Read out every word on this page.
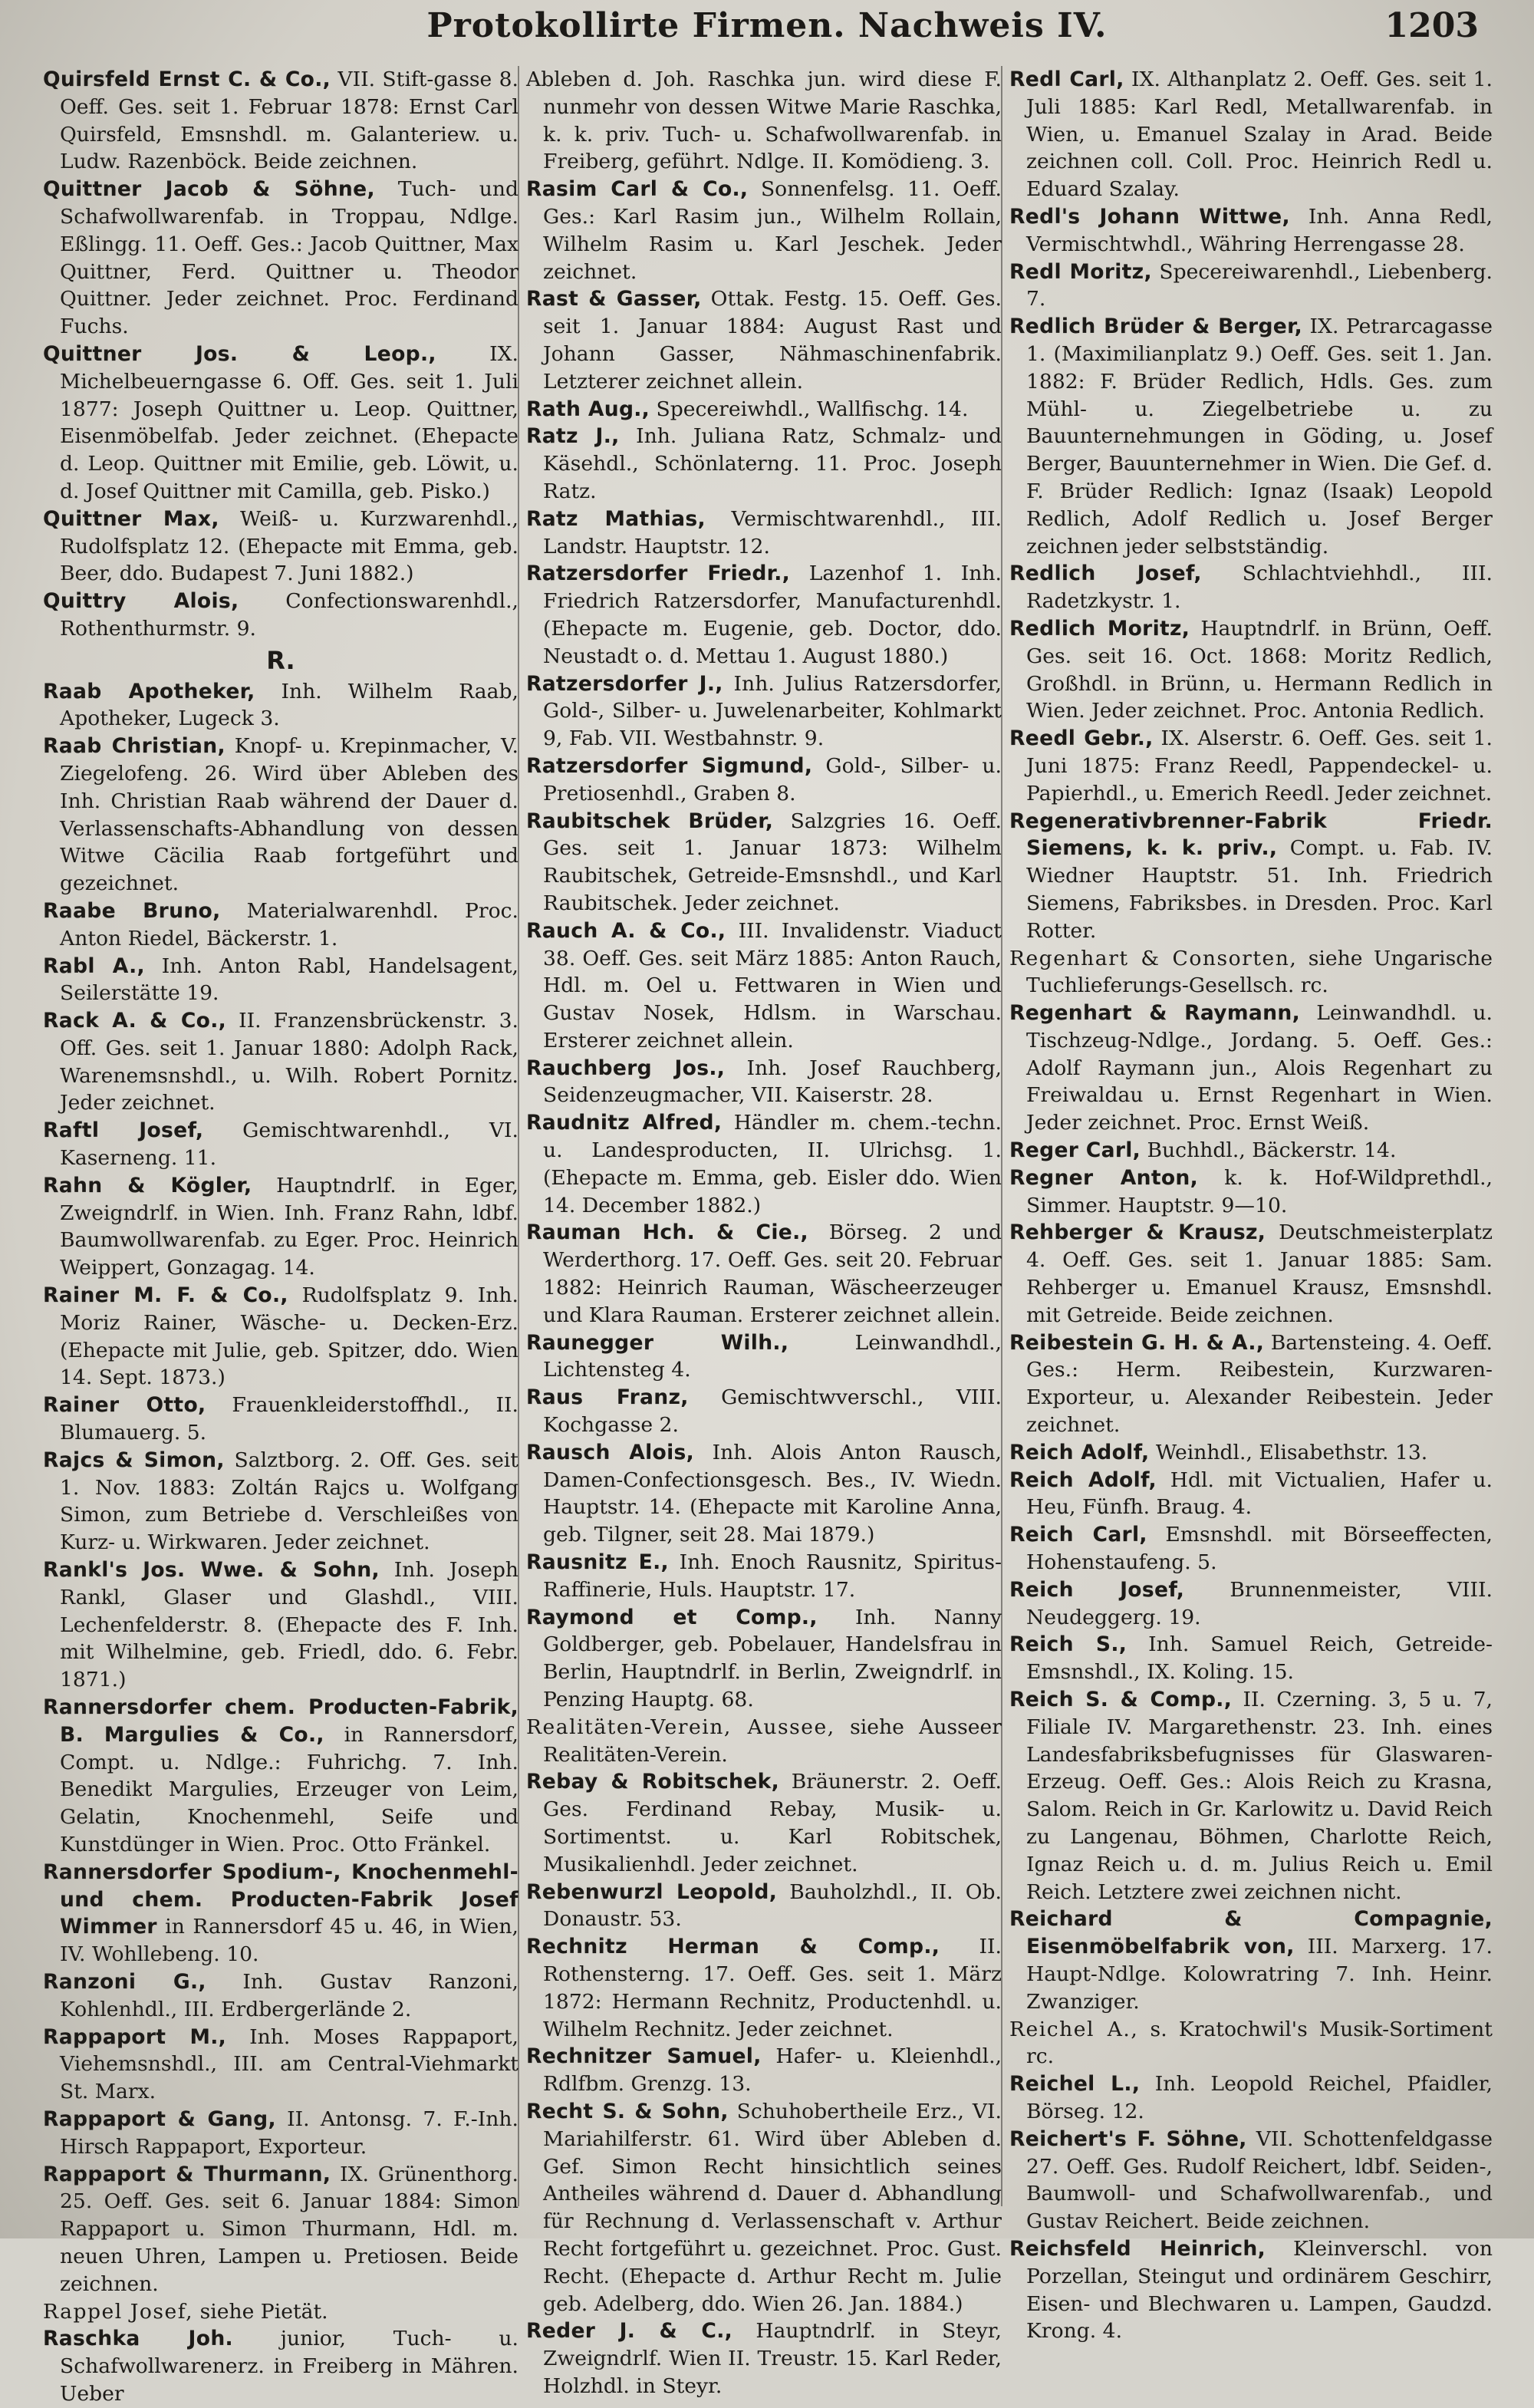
Protokollirte Firmen. Nachweis IV.	1203

Quirsfeld Ernst C. & Co., VII. Stift-gasse 8. Oeff. Ges. seit 1. Februar 1878: Ernst Carl Quirsfeld, Emsnshdl. m. Galanteriew. u. Ludw. Razenböck. Beide zeichnen.

Quittner Jacob & Söhne, Tuch- und Schafwollwarenfab. in Troppau, Ndlge. Eßlingg. 11. Oeff. Ges.: Jacob Quittner, Max Quittner, Ferd. Quittner u. Theodor Quittner. Jeder zeichnet. Proc. Ferdinand Fuchs.

Quittner Jos. & Leop., IX. Michelbeuerngasse 6. Off. Ges. seit 1. Juli 1877: Joseph Quittner u. Leop. Quittner, Eisenmöbelfab. Jeder zeichnet. (Ehepacte d. Leop. Quittner mit Emilie, geb. Löwit, u. d. Josef Quittner mit Camilla, geb. Pisko.)

Quittner Max, Weiß- u. Kurzwarenhdl., Rudolfsplatz 12. (Ehepacte mit Emma, geb. Beer, ddo. Budapest 7. Juni 1882.)

Quittry Alois, Confectionswarenhdl., Rothenthurmstr. 9.

R.

Raab Apotheker, Inh. Wilhelm Raab, Apotheker, Lugeck 3.

Raab Christian, Knopf- u. Krepinmacher, V. Ziegelofeng. 26. Wird über Ableben des Inh. Christian Raab während der Dauer d. Verlassenschafts-Abhandlung von dessen Witwe Cäcilia Raab fortgeführt und gezeichnet.

Raabe Bruno, Materialwarenhdl. Proc. Anton Riedel, Bäckerstr. 1.

Rabl A., Inh. Anton Rabl, Handelsagent, Seilerstätte 19.

Rack A. & Co., II. Franzensbrückenstr. 3. Off. Ges. seit 1. Januar 1880: Adolph Rack, Warenemsnshdl., u. Wilh. Robert Pornitz. Jeder zeichnet.

Raftl Josef, Gemischtwarenhdl., VI. Kaserneng. 11.

Rahn & Kögler, Hauptndrlf. in Eger, Zweigndrlf. in Wien. Inh. Franz Rahn, ldbf. Baumwollwarenfab. zu Eger. Proc. Heinrich Weippert, Gonzagag. 14.

Rainer M. F. & Co., Rudolfsplatz 9. Inh. Moriz Rainer, Wäsche- u. Decken-Erz. (Ehepacte mit Julie, geb. Spitzer, ddo. Wien 14. Sept. 1873.)

Rainer Otto, Frauenkleiderstoffhdl., II. Blumauerg. 5.

Rajcs & Simon, Salztborg. 2. Off. Ges. seit 1. Nov. 1883: Zoltán Rajcs u. Wolfgang Simon, zum Betriebe d. Verschleißes von Kurz- u. Wirkwaren. Jeder zeichnet.

Rankl's Jos. Wwe. & Sohn, Inh. Joseph Rankl, Glaser und Glashdl., VIII. Lechenfelderstr. 8. (Ehepacte des F. Inh. mit Wilhelmine, geb. Friedl, ddo. 6. Febr. 1871.)

Rannersdorfer chem. Producten-Fabrik, B. Margulies & Co., in Rannersdorf, Compt. u. Ndlge.: Fuhrichg. 7. Inh. Benedikt Margulies, Erzeuger von Leim, Gelatin, Knochenmehl, Seife und Kunstdünger in Wien. Proc. Otto Fränkel.

Rannersdorfer Spodium-, Knochenmehl- und chem. Producten-Fabrik Josef Wimmer in Rannersdorf 45 u. 46, in Wien, IV. Wohllebeng. 10.

Ranzoni G., Inh. Gustav Ranzoni, Kohlenhdl., III. Erdbergerlände 2.

Rappaport M., Inh. Moses Rappaport, Viehemsnshdl., III. am Central-Viehmarkt St. Marx.

Rappaport & Gang, II. Antonsg. 7. F.-Inh. Hirsch Rappaport, Exporteur.

Rappaport & Thurmann, IX. Grünenthorg. 25. Oeff. Ges. seit 6. Januar 1884: Simon Rappaport u. Simon Thurmann, Hdl. m. neuen Uhren, Lampen u. Pretiosen. Beide zeichnen.

Rappel Josef, siehe Pietät.

Raschka Joh. junior, Tuch- u. Schafwollwarenerz. in Freiberg in Mähren. Ueber

Ableben d. Joh. Raschka jun. wird diese F. nunmehr von dessen Witwe Marie Raschka, k. k. priv. Tuch- u. Schafwollwarenfab. in Freiberg, geführt. Ndlge. II. Komödieng. 3.

Rasim Carl & Co., Sonnenfelsg. 11. Oeff. Ges.: Karl Rasim jun., Wilhelm Rollain, Wilhelm Rasim u. Karl Jeschek. Jeder zeichnet.

Rast & Gasser, Ottak. Festg. 15. Oeff. Ges. seit 1. Januar 1884: August Rast und Johann Gasser, Nähmaschinenfabrik. Letzterer zeichnet allein.

Rath Aug., Specereiwhdl., Wallfischg. 14.

Ratz J., Inh. Juliana Ratz, Schmalz- und Käsehdl., Schönlaterng. 11. Proc. Joseph Ratz.

Ratz Mathias, Vermischtwarenhdl., III. Landstr. Hauptstr. 12.

Ratzersdorfer Friedr., Lazenhof 1. Inh. Friedrich Ratzersdorfer, Manufacturenhdl. (Ehepacte m. Eugenie, geb. Doctor, ddo. Neustadt o. d. Mettau 1. August 1880.)

Ratzersdorfer J., Inh. Julius Ratzersdorfer, Gold-, Silber- u. Juwelenarbeiter, Kohlmarkt 9, Fab. VII. Westbahnstr. 9.

Ratzersdorfer Sigmund, Gold-, Silber- u. Pretiosenhdl., Graben 8.

Raubitschek Brüder, Salzgries 16. Oeff. Ges. seit 1. Januar 1873: Wilhelm Raubitschek, Getreide-Emsnshdl., und Karl Raubitschek. Jeder zeichnet.

Rauch A. & Co., III. Invalidenstr. Viaduct 38. Oeff. Ges. seit März 1885: Anton Rauch, Hdl. m. Oel u. Fettwaren in Wien und Gustav Nosek, Hdlsm. in Warschau. Ersterer zeichnet allein.

Rauchberg Jos., Inh. Josef Rauchberg, Seidenzeugmacher, VII. Kaiserstr. 28.

Raudnitz Alfred, Händler m. chem.-techn. u. Landesproducten, II. Ulrichsg. 1. (Ehepacte m. Emma, geb. Eisler ddo. Wien 14. December 1882.)

Rauman Hch. & Cie., Börseg. 2 und Werderthorg. 17. Oeff. Ges. seit 20. Februar 1882: Heinrich Rauman, Wäscheerzeuger und Klara Rauman. Ersterer zeichnet allein.

Raunegger Wilh., Leinwandhdl., Lichtensteg 4.

Raus Franz, Gemischtwverschl., VIII. Kochgasse 2.

Rausch Alois, Inh. Alois Anton Rausch, Damen-Confectionsgesch. Bes., IV. Wiedn. Hauptstr. 14. (Ehepacte mit Karoline Anna, geb. Tilgner, seit 28. Mai 1879.)

Rausnitz E., Inh. Enoch Rausnitz, Spiritus-Raffinerie, Huls. Hauptstr. 17.

Raymond et Comp., Inh. Nanny Goldberger, geb. Pobelauer, Handelsfrau in Berlin, Hauptndrlf. in Berlin, Zweigndrlf. in Penzing Hauptg. 68.

Realitäten-Verein, Aussee, siehe Ausseer Realitäten-Verein.

Rebay & Robitschek, Bräunerstr. 2. Oeff. Ges. Ferdinand Rebay, Musik- u. Sortimentst. u. Karl Robitschek, Musikalienhdl. Jeder zeichnet.

Rebenwurzl Leopold, Bauholzhdl., II. Ob. Donaustr. 53.

Rechnitz Herman & Comp., II. Rothensterng. 17. Oeff. Ges. seit 1. März 1872: Hermann Rechnitz, Productenhdl. u. Wilhelm Rechnitz. Jeder zeichnet.

Rechnitzer Samuel, Hafer- u. Kleienhdl., Rdlfbm. Grenzg. 13.

Recht S. & Sohn, Schuhobertheile Erz., VI. Mariahilferstr. 61. Wird über Ableben d. Gef. Simon Recht hinsichtlich seines Antheiles während d. Dauer d. Abhandlung für Rechnung d. Verlassenschaft v. Arthur Recht fortgeführt u. gezeichnet. Proc. Gust. Recht. (Ehepacte d. Arthur Recht m. Julie geb. Adelberg, ddo. Wien 26. Jan. 1884.)

Reder J. & C., Hauptndrlf. in Steyr, Zweigndrlf. Wien II. Treustr. 15. Karl Reder, Holzhdl. in Steyr.

Redl Carl, IX. Althanplatz 2. Oeff. Ges. seit 1. Juli 1885: Karl Redl, Metallwarenfab. in Wien, u. Emanuel Szalay in Arad. Beide zeichnen coll. Coll. Proc. Heinrich Redl u. Eduard Szalay.

Redl's Johann Wittwe, Inh. Anna Redl, Vermischtwhdl., Währing Herrengasse 28.

Redl Moritz, Specereiwarenhdl., Liebenberg. 7.

Redlich Brüder & Berger, IX. Petrarcagasse 1. (Maximilianplatz 9.) Oeff. Ges. seit 1. Jan. 1882: F. Brüder Redlich, Hdls. Ges. zum Mühl- u. Ziegelbetriebe u. zu Bauunternehmungen in Göding, u. Josef Berger, Bauunternehmer in Wien. Die Gef. d. F. Brüder Redlich: Ignaz (Isaak) Leopold Redlich, Adolf Redlich u. Josef Berger zeichnen jeder selbstständig.

Redlich Josef, Schlachtviehhdl., III. Radetzkystr. 1.

Redlich Moritz, Hauptndrlf. in Brünn, Oeff. Ges. seit 16. Oct. 1868: Moritz Redlich, Großhdl. in Brünn, u. Hermann Redlich in Wien. Jeder zeichnet. Proc. Antonia Redlich.

Reedl Gebr., IX. Alserstr. 6. Oeff. Ges. seit 1. Juni 1875: Franz Reedl, Pappendeckel- u. Papierhdl., u. Emerich Reedl. Jeder zeichnet.

Regenerativbrenner-Fabrik Friedr. Siemens, k. k. priv., Compt. u. Fab. IV. Wiedner Hauptstr. 51. Inh. Friedrich Siemens, Fabriksbes. in Dresden. Proc. Karl Rotter.

Regenhart & Consorten, siehe Ungarische Tuchlieferungs-Gesellsch. rc.

Regenhart & Raymann, Leinwandhdl. u. Tischzeug-Ndlge., Jordang. 5. Oeff. Ges.: Adolf Raymann jun., Alois Regenhart zu Freiwaldau u. Ernst Regenhart in Wien. Jeder zeichnet. Proc. Ernst Weiß.

Reger Carl, Buchhdl., Bäckerstr. 14.

Regner Anton, k. k. Hof-Wildprethdl., Simmer. Hauptstr. 9—10.

Rehberger & Krausz, Deutschmeisterplatz 4. Oeff. Ges. seit 1. Januar 1885: Sam. Rehberger u. Emanuel Krausz, Emsnshdl. mit Getreide. Beide zeichnen.

Reibestein G. H. & A., Bartensteing. 4. Oeff. Ges.: Herm. Reibestein, Kurzwaren-Exporteur, u. Alexander Reibestein. Jeder zeichnet.

Reich Adolf, Weinhdl., Elisabethstr. 13.

Reich Adolf, Hdl. mit Victualien, Hafer u. Heu, Fünfh. Braug. 4.

Reich Carl, Emsnshdl. mit Börseeffecten, Hohenstaufeng. 5.

Reich Josef, Brunnenmeister, VIII. Neudeggerg. 19.

Reich S., Inh. Samuel Reich, Getreide-Emsnshdl., IX. Koling. 15.

Reich S. & Comp., II. Czerning. 3, 5 u. 7, Filiale IV. Margarethenstr. 23. Inh. eines Landesfabriksbefugnisses für Glaswaren-Erzeug. Oeff. Ges.: Alois Reich zu Krasna, Salom. Reich in Gr. Karlowitz u. David Reich zu Langenau, Böhmen, Charlotte Reich, Ignaz Reich u. d. m. Julius Reich u. Emil Reich. Letztere zwei zeichnen nicht.

Reichard & Compagnie, Eisenmöbelfabrik von, III. Marxerg. 17. Haupt-Ndlge. Kolowratring 7. Inh. Heinr. Zwanziger.

Reichel A., s. Kratochwil's Musik-Sortiment rc.

Reichel L., Inh. Leopold Reichel, Pfaidler, Börseg. 12.

Reichert's F. Söhne, VII. Schottenfeldgasse 27. Oeff. Ges. Rudolf Reichert, ldbf. Seiden-, Baumwoll- und Schafwollwarenfab., und Gustav Reichert. Beide zeichnen.

Reichsfeld Heinrich, Kleinverschl. von Porzellan, Steingut und ordinärem Geschirr, Eisen- und Blechwaren u. Lampen, Gaudzd. Krong. 4.
